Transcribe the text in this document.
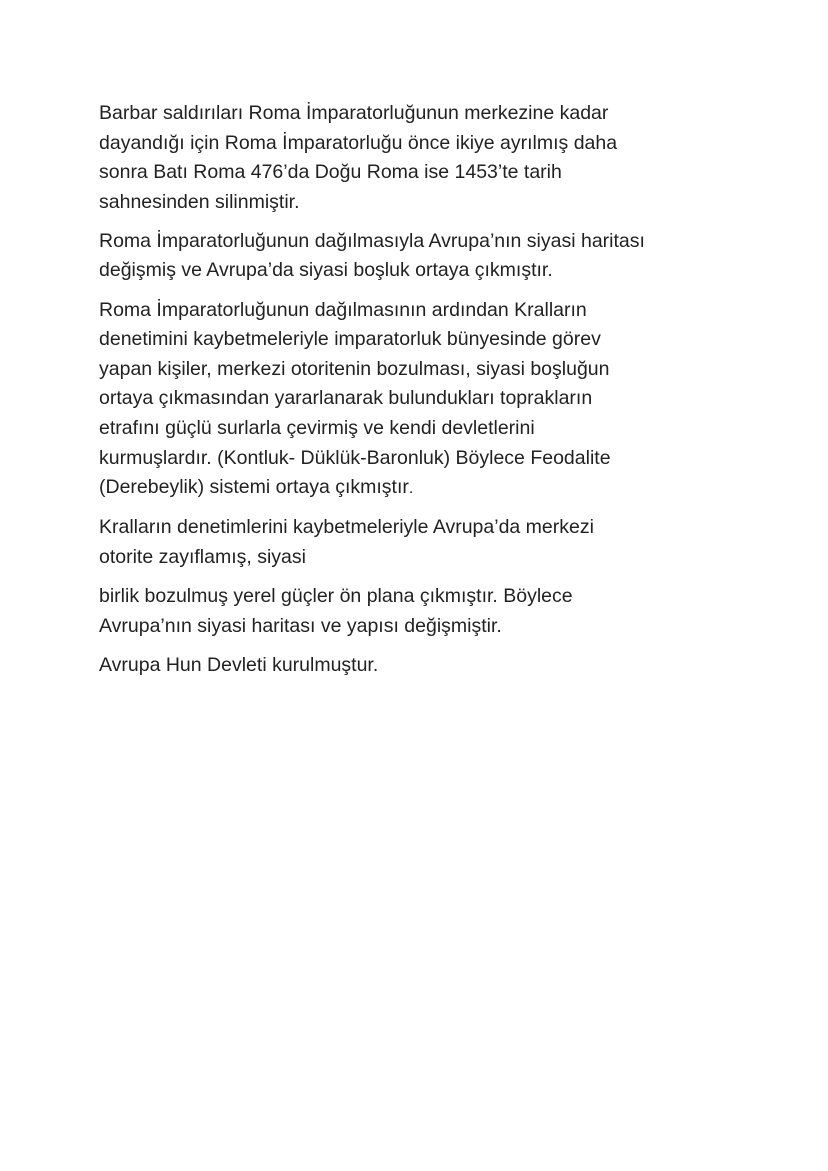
Barbar saldırıları Roma İmparatorluğunun merkezine kadar
dayandığı için Roma İmparatorluğu önce ikiye ayrılmış daha
sonra Batı Roma 476’da Doğu Roma ise 1453’te tarih
sahnesinden silinmiştir.

Roma İmparatorluğunun dağılmasıyla Avrupa’nın siyasi haritası
değişmiş ve Avrupa’da siyasi boşluk ortaya çıkmıştır.

Roma İmparatorluğunun dağılmasının ardından Kralların
denetimini kaybetmeleriyle imparatorluk bünyesinde görev
yapan kişiler, merkezi otoritenin bozulması, siyasi boşluğun
ortaya çıkmasından yararlanarak bulundukları toprakların
etrafını güçlü surlarla çevirmiş ve kendi devletlerini
kurmuşlardır. (Kontluk- Düklük-Baronluk) Böylece Feodalite
(Derebeylik) sistemi ortaya çıkmıştır.

Kralların denetimlerini kaybetmeleriyle Avrupa’da merkezi
otorite zayıflamış, siyasi

birlik bozulmuş yerel güçler ön plana çıkmıştır. Böylece
Avrupa’nın siyasi haritası ve yapısı değişmiştir.

Avrupa Hun Devleti kurulmuştur.
